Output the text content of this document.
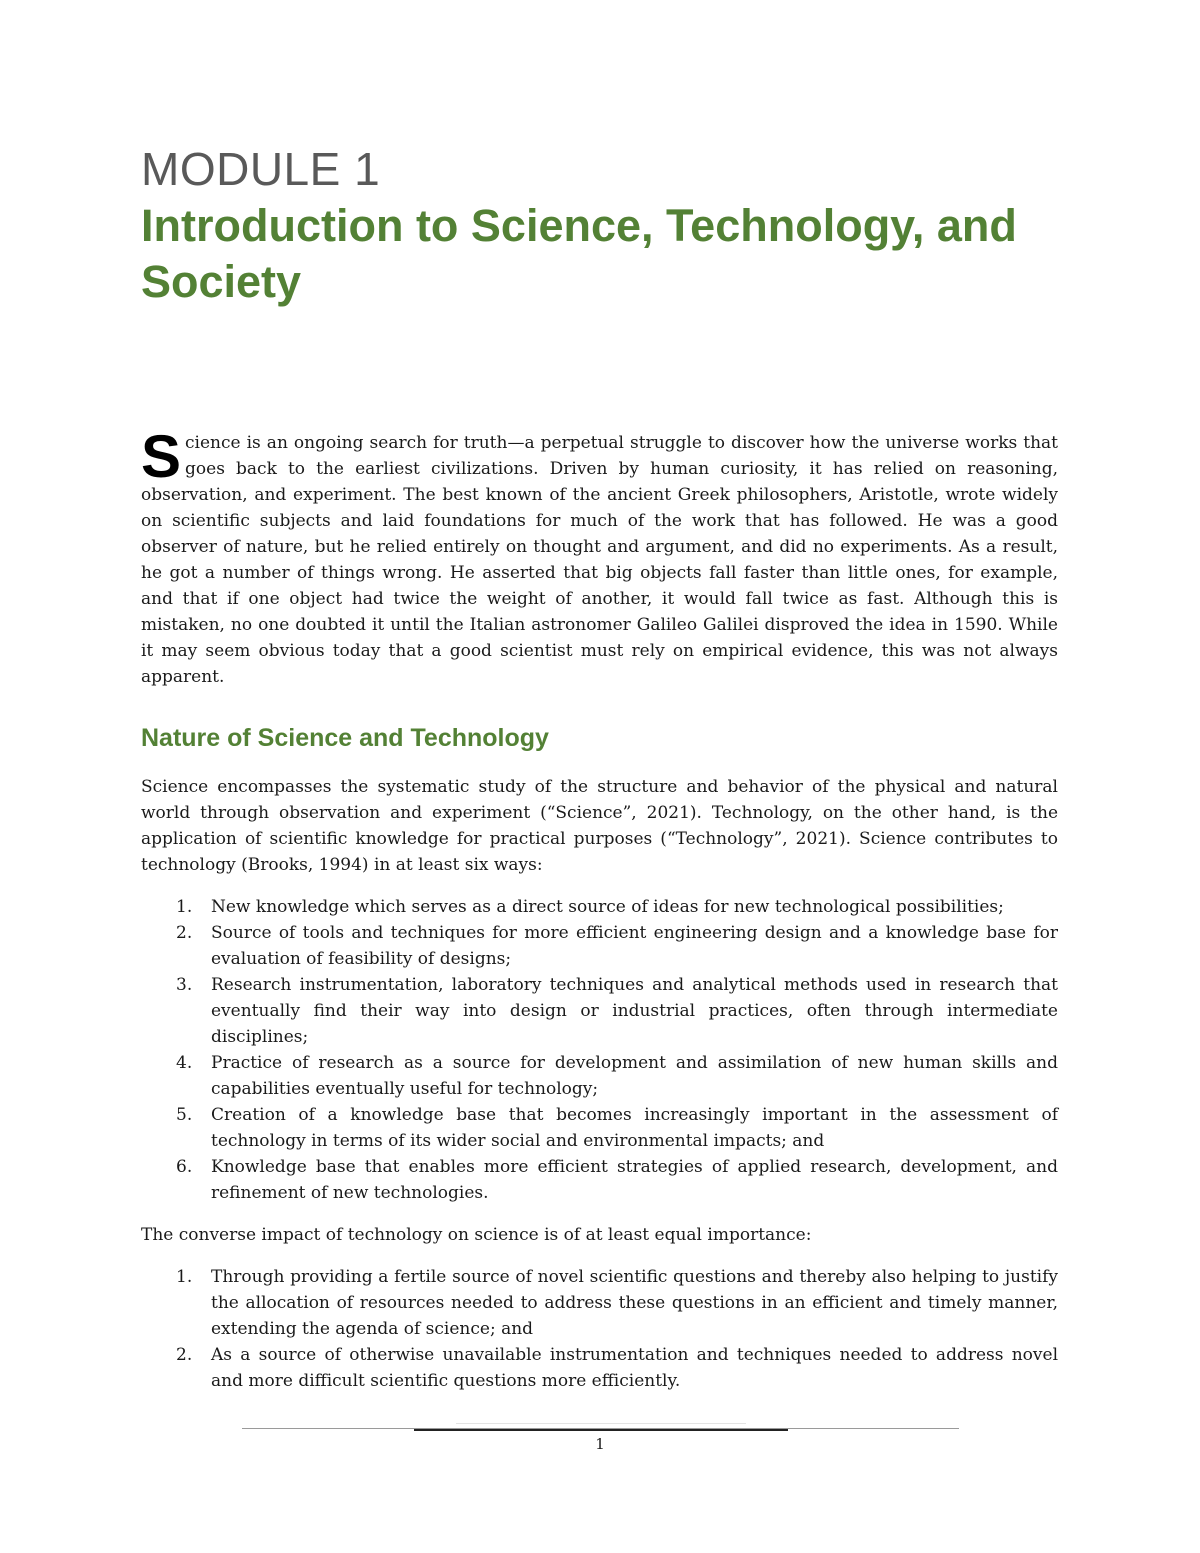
MODULE 1
Introduction to Science, Technology, and Society

Science is an ongoing search for truth—a perpetual struggle to discover how the universe works that goes back to the earliest civilizations. Driven by human curiosity, it has relied on reasoning, observation, and experiment. The best known of the ancient Greek philosophers, Aristotle, wrote widely on scientific subjects and laid foundations for much of the work that has followed. He was a good observer of nature, but he relied entirely on thought and argument, and did no experiments. As a result, he got a number of things wrong. He asserted that big objects fall faster than little ones, for example, and that if one object had twice the weight of another, it would fall twice as fast. Although this is mistaken, no one doubted it until the Italian astronomer Galileo Galilei disproved the idea in 1590. While it may seem obvious today that a good scientist must rely on empirical evidence, this was not always apparent.

Nature of Science and Technology

Science encompasses the systematic study of the structure and behavior of the physical and natural world through observation and experiment (“Science”, 2021). Technology, on the other hand, is the application of scientific knowledge for practical purposes (“Technology”, 2021). Science contributes to technology (Brooks, 1994) in at least six ways:

1. New knowledge which serves as a direct source of ideas for new technological possibilities;
2. Source of tools and techniques for more efficient engineering design and a knowledge base for evaluation of feasibility of designs;
3. Research instrumentation, laboratory techniques and analytical methods used in research that eventually find their way into design or industrial practices, often through intermediate disciplines;
4. Practice of research as a source for development and assimilation of new human skills and capabilities eventually useful for technology;
5. Creation of a knowledge base that becomes increasingly important in the assessment of technology in terms of its wider social and environmental impacts; and
6. Knowledge base that enables more efficient strategies of applied research, development, and refinement of new technologies.

The converse impact of technology on science is of at least equal importance:

1. Through providing a fertile source of novel scientific questions and thereby also helping to justify the allocation of resources needed to address these questions in an efficient and timely manner, extending the agenda of science; and
2. As a source of otherwise unavailable instrumentation and techniques needed to address novel and more difficult scientific questions more efficiently.
1
